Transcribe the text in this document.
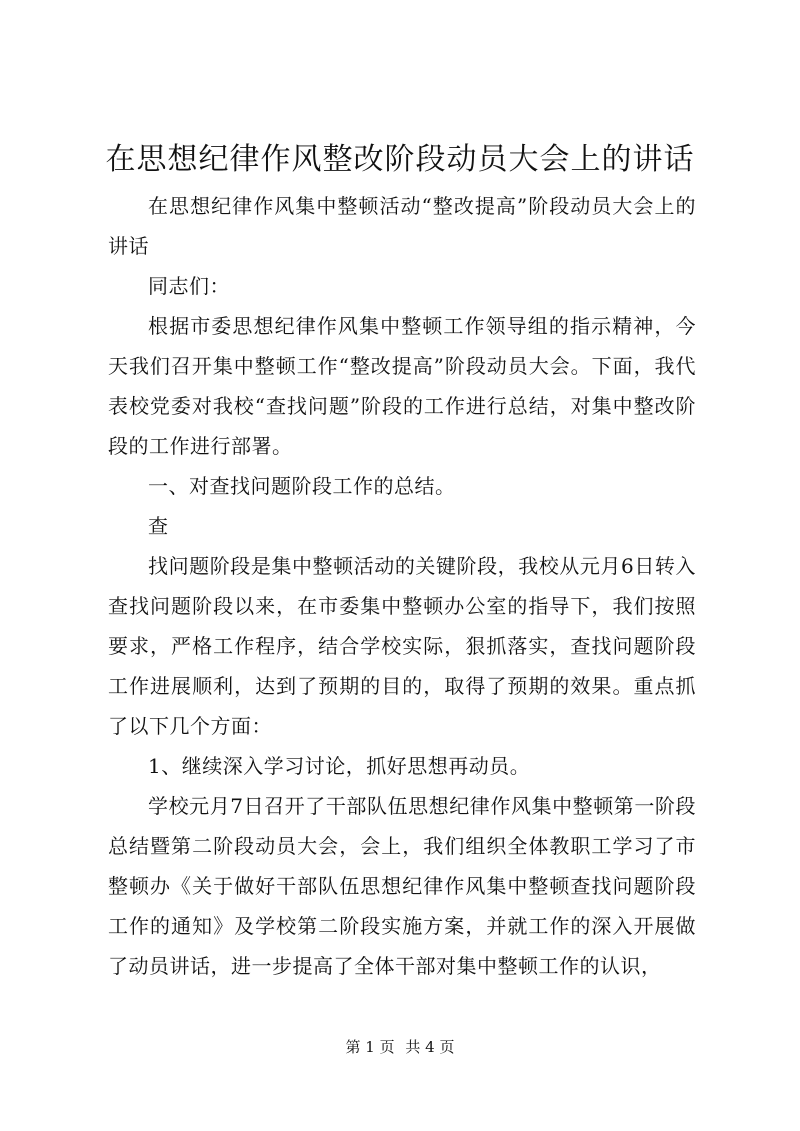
在思想纪律作风整改阶段动员大会上的讲话

在思想纪律作风集中整顿活动“整改提高”阶段动员大会上的讲话

同志们：

根据市委思想纪律作风集中整顿工作领导组的指示精神，今天我们召开集中整顿工作“整改提高”阶段动员大会。下面，我代表校党委对我校“查找问题”阶段的工作进行总结，对集中整改阶段的工作进行部署。

一、对查找问题阶段工作的总结。

查

找问题阶段是集中整顿活动的关键阶段，我校从元月6日转入查找问题阶段以来，在市委集中整顿办公室的指导下，我们按照要求，严格工作程序，结合学校实际，狠抓落实，查找问题阶段工作进展顺利，达到了预期的目的，取得了预期的效果。重点抓了以下几个方面：

1、继续深入学习讨论，抓好思想再动员。

学校元月7日召开了干部队伍思想纪律作风集中整顿第一阶段总结暨第二阶段动员大会，会上，我们组织全体教职工学习了市整顿办《关于做好干部队伍思想纪律作风集中整顿查找问题阶段工作的通知》及学校第二阶段实施方案，并就工作的深入开展做了动员讲话，进一步提高了全体干部对集中整顿工作的认识，

第 1 页 共 4 页
